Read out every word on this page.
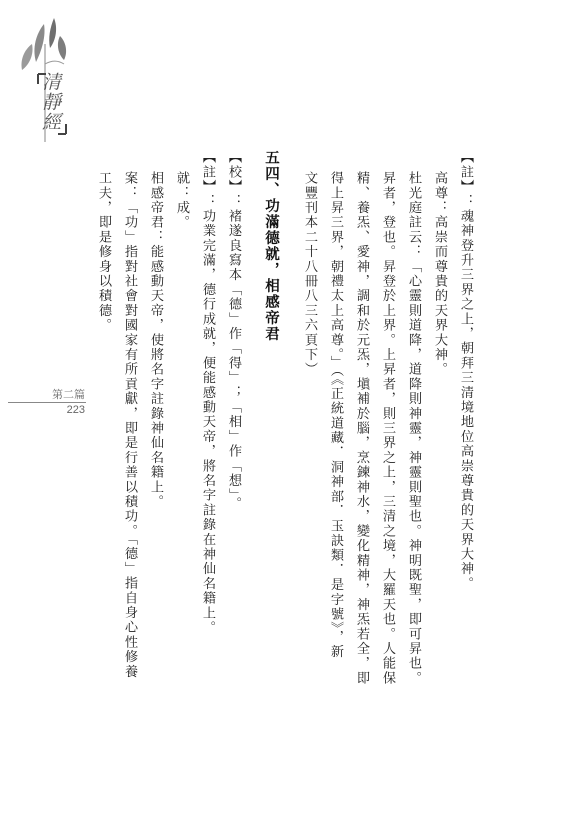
清靜經
第二篇
223	【註】：魂神登升三界之上，朝拜三清境地位高崇尊貴的天界大神。
高尊：高崇而尊貴的天界大神。
杜光庭註云：「心靈則道降，道降則神靈，神靈則聖也。神明既聖，即可昇也。
昇者，登也。昇登於上界。上昇者，則三界之上，三清之境，大羅天也。人能保
精、養炁、愛神，調和於元炁，塡補於腦，烹鍊神水，變化精神，神炁若全，即
得上昇三界，朝禮太上高尊。」（《正統道藏．洞神部．玉訣類．是字號》，新
文豐刊本二十八冊八三六頁下）
五四、功滿德就，相感帝君
【校】：褚遂良寫本「德」作「得」；「相」作「想」。
【註】：功業完滿，德行成就，便能感動天帝，將名字註錄在神仙名籍上。
就：成。
相感帝君：能感動天帝，使將名字註錄神仙名籍上。
案：「功」指對社會對國家有所貢獻，即是行善以積功。「德」指自身心性修養
工夫，即是修身以積德。
